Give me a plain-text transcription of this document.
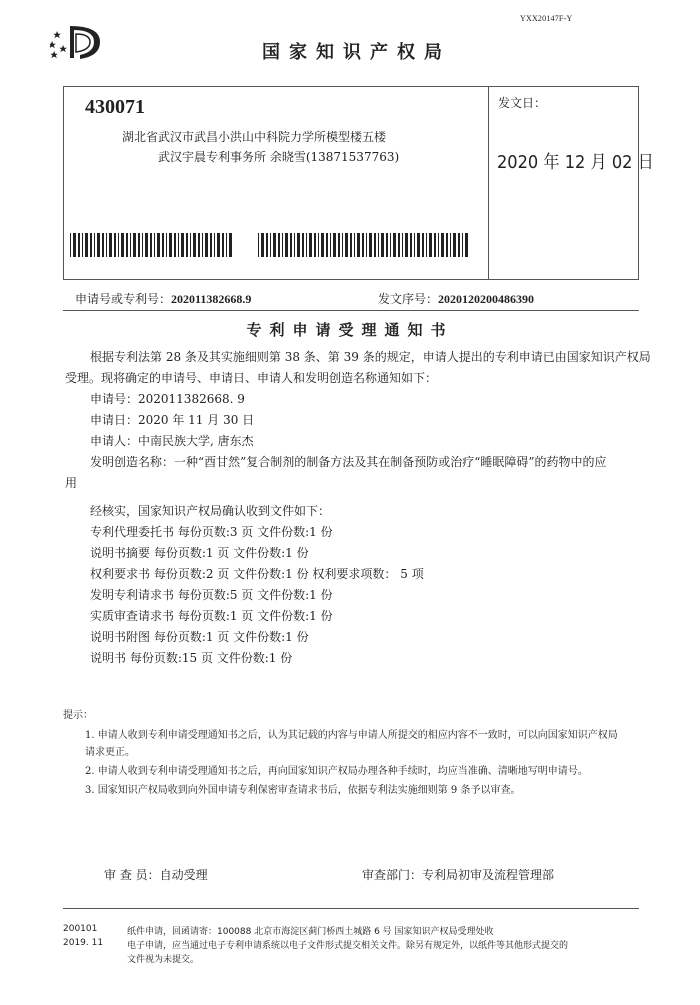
YXX20147F-Y
国家知识产权局
430071
湖北省武汉市武昌小洪山中科院力学所模型楼五楼
武汉宇晨专利事务所 余晓雪(13871537763)
发文日：
2020 年 12 月 02 日
申请号或专利号：202011382668.9	发文序号：2020120200486390
专利申请受理通知书
根据专利法第 28 条及其实施细则第 38 条、第 39 条的规定，申请人提出的专利申请已由国家知识产权局
受理。现将确定的申请号、申请日、申请人和发明创造名称通知如下：
申请号：202011382668. 9
申请日：2020 年 11 月 30 日
申请人：中南民族大学, 唐东杰
发明创造名称：一种“酉甘然”复合制剂的制备方法及其在制备预防或治疗“睡眠障碍”的药物中的应
用
经核实，国家知识产权局确认收到文件如下：
专利代理委托书 每份页数:3 页 文件份数:1 份
说明书摘要 每份页数:1 页 文件份数:1 份
权利要求书 每份页数:2 页 文件份数:1 份 权利要求项数： 5 项
发明专利请求书 每份页数:5 页 文件份数:1 份
实质审查请求书 每份页数:1 页 文件份数:1 份
说明书附图 每份页数:1 页 文件份数:1 份
说明书 每份页数:15 页 文件份数:1 份
提示：
1. 申请人收到专利申请受理通知书之后，认为其记载的内容与申请人所提交的相应内容不一致时，可以向国家知识产权局
请求更正。
2. 申请人收到专利申请受理通知书之后，再向国家知识产权局办理各种手续时，均应当准确、清晰地写明申请号。
3. 国家知识产权局收到向外国申请专利保密审查请求书后，依据专利法实施细则第 9 条予以审查。
审 查 员：自动受理	审查部门：专利局初审及流程管理部
200101
2019. 11
纸件申请，回函请寄：100088 北京市海淀区蓟门桥西土城路 6 号 国家知识产权局受理处收
电子申请，应当通过电子专利申请系统以电子文件形式提交相关文件。除另有规定外，以纸件等其他形式提交的
文件视为未提交。
